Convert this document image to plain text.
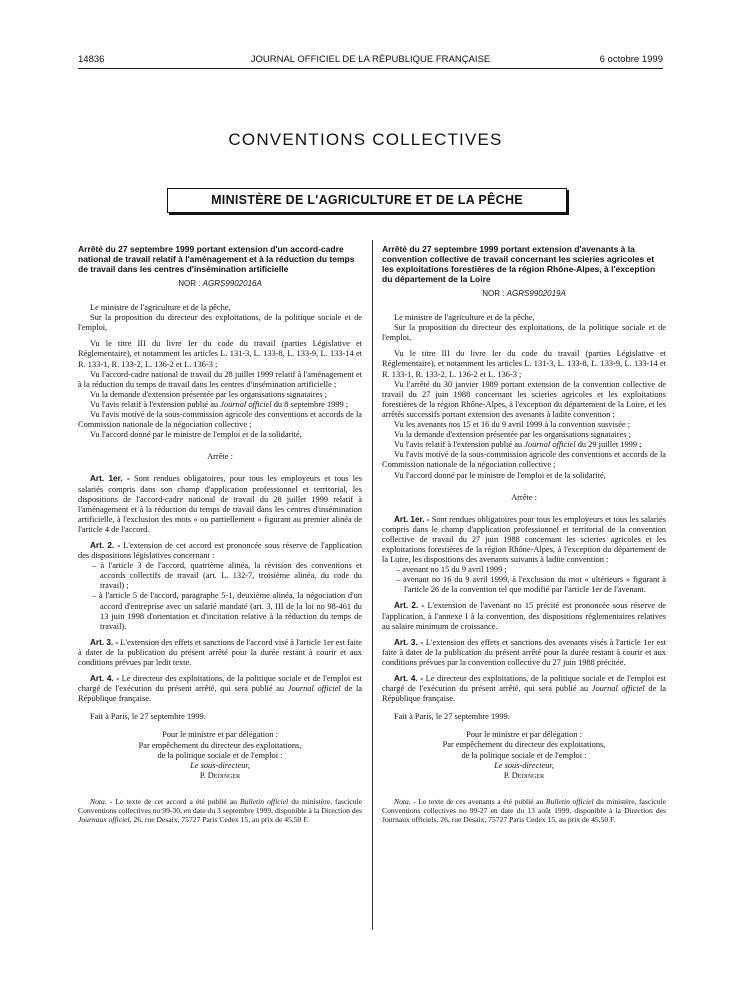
14836	JOURNAL OFFICIEL DE LA RÉPUBLIQUE FRANÇAISE	6 octobre 1999
CONVENTIONS COLLECTIVES
MINISTÈRE DE L'AGRICULTURE ET DE LA PÊCHE
Arrêté du 27 septembre 1999 portant extension d'un accord-cadre national de travail relatif à l'aménagement et à la réduction du temps de travail dans les centres d'insémination artificielle
NOR : AGRS9902016A

Le ministre de l'agriculture et de la pêche,

Sur la proposition du directeur des exploitations, de la politique sociale et de l'emploi,

Vu le titre III du livre Ier du code du travail (parties Législative et Réglementaire), et notamment les articles L. 131-3, L. 133-8, L. 133-9, L. 133-14 et R. 133-1, R. 133-2, L. 136-2 et L. 136-3 ;

Vu l'accord-cadre national de travail du 28 juillet 1999 relatif à l'aménagement et à la réduction du temps de travail dans les centres d'insémination artificielle ;

Vu la demande d'extension présentée par les organisations signataires ;

Vu l'avis relatif à l'extension publié au Journal officiel du 8 septembre 1999 ;

Vu l'avis motivé de la sous-commission agricole des conventions et accords de la Commission nationale de la négociation collective ;

Vu l'accord donné par le ministre de l'emploi et de la solidarité,

Arrête :

Art. 1er. - Sont rendues obligatoires, pour tous les employeurs et tous les salariés compris dans son champ d'application professionnel et territorial, les dispositions de l'accord-cadre national de travail du 28 juillet 1999 relatif à l'aménagement et à la réduction du temps de travail dans les centres d'insémination artificielle, à l'exclusion des mots « ou partiellement » figurant au premier alinéa de l'article 4 de l'accord.

Art. 2. - L'extension de cet accord est prononcée sous réserve de l'application des dispositions législatives concernant :

– à l'article 3 de l'accord, quatrième alinéa, la révision des conventions et accords collectifs de travail (art. L. 132-7, troisième alinéa, du code du travail) ;
– à l'article 5 de l'accord, paragraphe 5-1, deuxième alinéa, la négociation d'un accord d'entreprise avec un salarié mandaté (art. 3, III de la loi no 98-461 du 13 juin 1998 d'orientation et d'incitation relative à la réduction du temps de travail).

Art. 3. - L'extension des effets et sanctions de l'accord visé à l'article 1er est faite à dater de la publication du présent arrêté pour la durée restant à courir et aux conditions prévues par ledit texte.

Art. 4. - Le directeur des exploitations, de la politique sociale et de l'emploi est chargé de l'exécution du présent arrêté, qui sera publié au Journal officiel de la République française.

Fait à Paris, le 27 septembre 1999.

Pour le ministre et par délégation :
Par empêchement du directeur des exploitations,
de la politique sociale et de l'emploi :
Le sous-directeur,
P. Dedinger
Nota. - Le texte de cet accord a été publié au Bulletin officiel du ministère, fascicule Conventions collectives no 99-30, en date du 3 septembre 1999, disponible à la Direction des Journaux officiel, 26, rue Desaix, 75727 Paris Cedex 15, au prix de 45,50 F.
Arrêté du 27 septembre 1999 portant extension d'avenants à la convention collective de travail concernant les scieries agricoles et les exploitations forestières de la région Rhône-Alpes, à l'exception du département de la Loire
NOR : AGRS9902019A

Le ministre de l'agriculture et de la pêche,

Sur la proposition du directeur des exploitations, de la politique sociale et de l'emploi,

Vu le titre III du livre Ier du code du travail (parties Législative et Réglementaire), et notamment les articles L. 131-3, L. 133-8, L. 133-9, L. 133-14 et R. 133-1, R. 133-2, L. 136-2 et L. 136-3 ;

Vu l'arrêté du 30 janvier 1989 portant extension de la convention collective de travail du 27 juin 1988 concernant les scieries agricoles et les exploitations forestières de la région Rhône-Alpes, à l'exception du département de la Loire, et les arrêtés successifs portant extension des avenants à ladite convention ;

Vu les avenants nos 15 et 16 du 9 avril 1999 à la convention susvisée ;

Vu la demande d'extension présentée par les organisations signataires ;

Vu l'avis relatif à l'extension publié au Journal officiel du 29 juillet 1999 ;

Vu l'avis motivé de la sous-commission agricole des conventions et accords de la Commission nationale de la négociation collective ;

Vu l'accord donné par le ministre de l'emploi et de la solidarité,

Arrête :

Art. 1er. - Sont rendues obligatoires pour tous les employeurs et tous les salariés compris dans le champ d'application professionnel et territorial de la convention collective de travail du 27 juin 1988 concernant les scieries agricoles et les exploitations forestières de la région Rhône-Alpes, à l'exception du département de la Loire, les dispositions des avenants suivants à ladite convention :

– avenant no 15 du 9 avril 1999 ;
– avenant no 16 du 9 avril 1999, à l'exclusion du mot « ultérieurs » figurant à l'article 26 de la convention tel que modifié par l'article 1er de l'avenant.

Art. 2. - L'extension de l'avenant no 15 précité est prononcée sous réserve de l'application, à l'annexe I à la convention, des dispositions réglementaires relatives au salaire minimum de croissance.

Art. 3. - L'extension des effets et sanctions des avenants visés à l'article 1er est faite à dater de la publication du présent arrêté pour la durée restant à courir et aux conditions prévues par la convention collective du 27 juin 1988 précitée.

Art. 4. - Le directeur des exploitations, de la politique sociale et de l'emploi est chargé de l'exécution du présent arrêté, qui sera publié au Journal officiel de la République française.

Fait à Paris, le 27 septembre 1999.

Pour le ministre et par délégation :
Par empêchement du directeur des exploitations,
de la politique sociale et de l'emploi :
Le sous-directeur,
P. Dedinger
Nota. - Le texte de ces avenants a été publié au Bulletin officiel du ministère, fascicule Conventions collectives no 99-27 en date du 13 août 1999, disponible à la Direction des Journaux officiels, 26, rue Desaix, 75727 Paris Cedex 15, au prix de 45,50 F.
